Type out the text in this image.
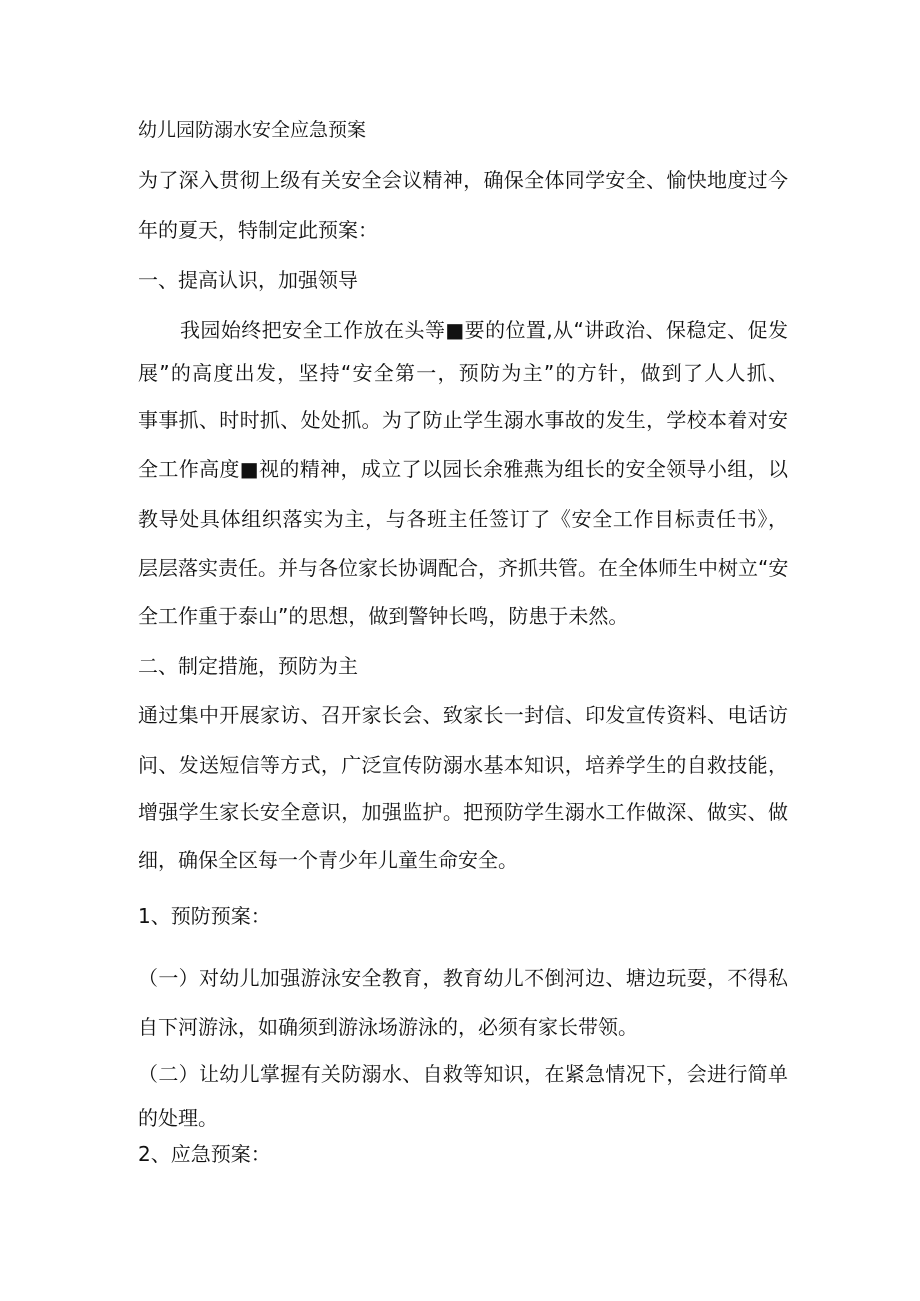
幼儿园防溺水安全应急预案
为了深入贯彻上级有关安全会议精神，确保全体同学安全、愉快地度过今
年的夏天，特制定此预案：
一、提高认识，加强领导
我园始终把安全工作放在头等■要的位置,从“讲政治、保稳定、促发
展”的高度出发，坚持“安全第一，预防为主”的方针，做到了人人抓、
事事抓、时时抓、处处抓。为了防止学生溺水事故的发生，学校本着对安
全工作高度■视的精神，成立了以园长余雅燕为组长的安全领导小组，以
教导处具体组织落实为主，与各班主任签订了《安全工作目标责任书》，
层层落实责任。并与各位家长协调配合，齐抓共管。在全体师生中树立“安
全工作重于泰山”的思想，做到警钟长鸣，防患于未然。
二、制定措施，预防为主
通过集中开展家访、召开家长会、致家长一封信、印发宣传资料、电话访
问、发送短信等方式，广泛宣传防溺水基本知识，培养学生的自救技能，
增强学生家长安全意识，加强监护。把预防学生溺水工作做深、做实、做
细，确保全区每一个青少年儿童生命安全。
1、预防预案：
（一）对幼儿加强游泳安全教育，教育幼儿不倒河边、塘边玩耍，不得私
自下河游泳，如确须到游泳场游泳的，必须有家长带领。
（二）让幼儿掌握有关防溺水、自救等知识，在紧急情况下，会进行简单
的处理。
2、应急预案：
